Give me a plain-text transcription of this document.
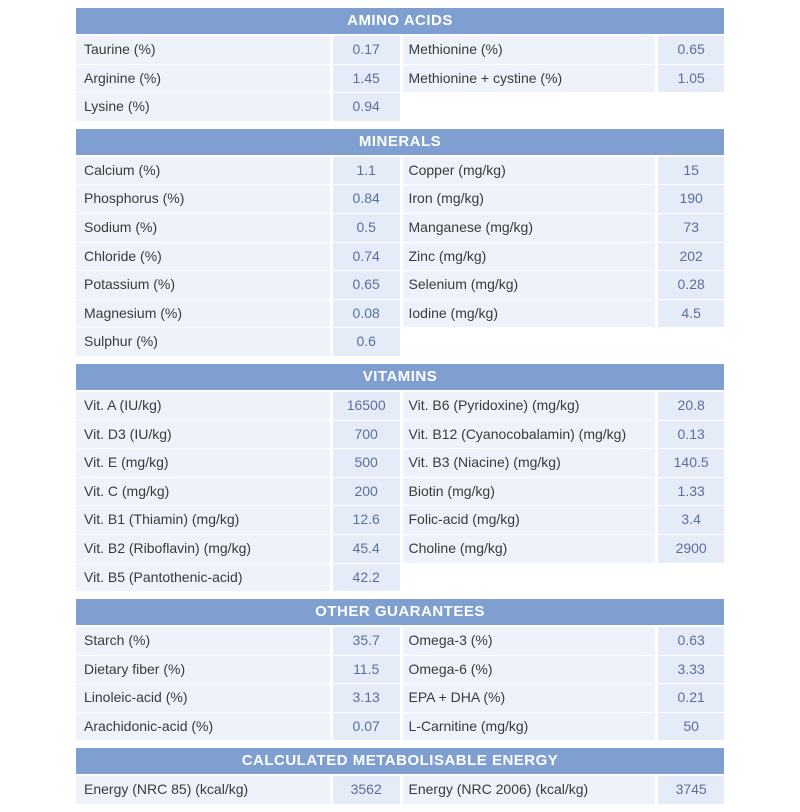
AMINO ACIDS
Taurine (%)	0.17	Methionine (%)	0.65
Arginine (%)	1.45	Methionine + cystine (%)	1.05
Lysine (%)	0.94
MINERALS
Calcium (%)	1.1	Copper (mg/kg)	15
Phosphorus (%)	0.84	Iron (mg/kg)	190
Sodium (%)	0.5	Manganese (mg/kg)	73
Chloride (%)	0.74	Zinc (mg/kg)	202
Potassium (%)	0.65	Selenium (mg/kg)	0.28
Magnesium (%)	0.08	Iodine (mg/kg)	4.5
Sulphur (%)	0.6
VITAMINS
Vit. A (IU/kg)	16500	Vit. B6 (Pyridoxine) (mg/kg)	20.8
Vit. D3 (IU/kg)	700	Vit. B12 (Cyanocobalamin) (mg/kg)	0.13
Vit. E (mg/kg)	500	Vit. B3 (Niacine) (mg/kg)	140.5
Vit. C (mg/kg)	200	Biotin (mg/kg)	1.33
Vit. B1 (Thiamin) (mg/kg)	12.6	Folic-acid (mg/kg)	3.4
Vit. B2 (Riboflavin) (mg/kg)	45.4	Choline (mg/kg)	2900
Vit. B5 (Pantothenic-acid)	42.2
OTHER GUARANTEES
Starch (%)	35.7	Omega-3 (%)	0.63
Dietary fiber (%)	11.5	Omega-6 (%)	3.33
Linoleic-acid (%)	3.13	EPA + DHA (%)	0.21
Arachidonic-acid (%)	0.07	L-Carnitine (mg/kg)	50
CALCULATED METABOLISABLE ENERGY
Energy (NRC 85) (kcal/kg)	3562	Energy (NRC 2006) (kcal/kg)	3745
